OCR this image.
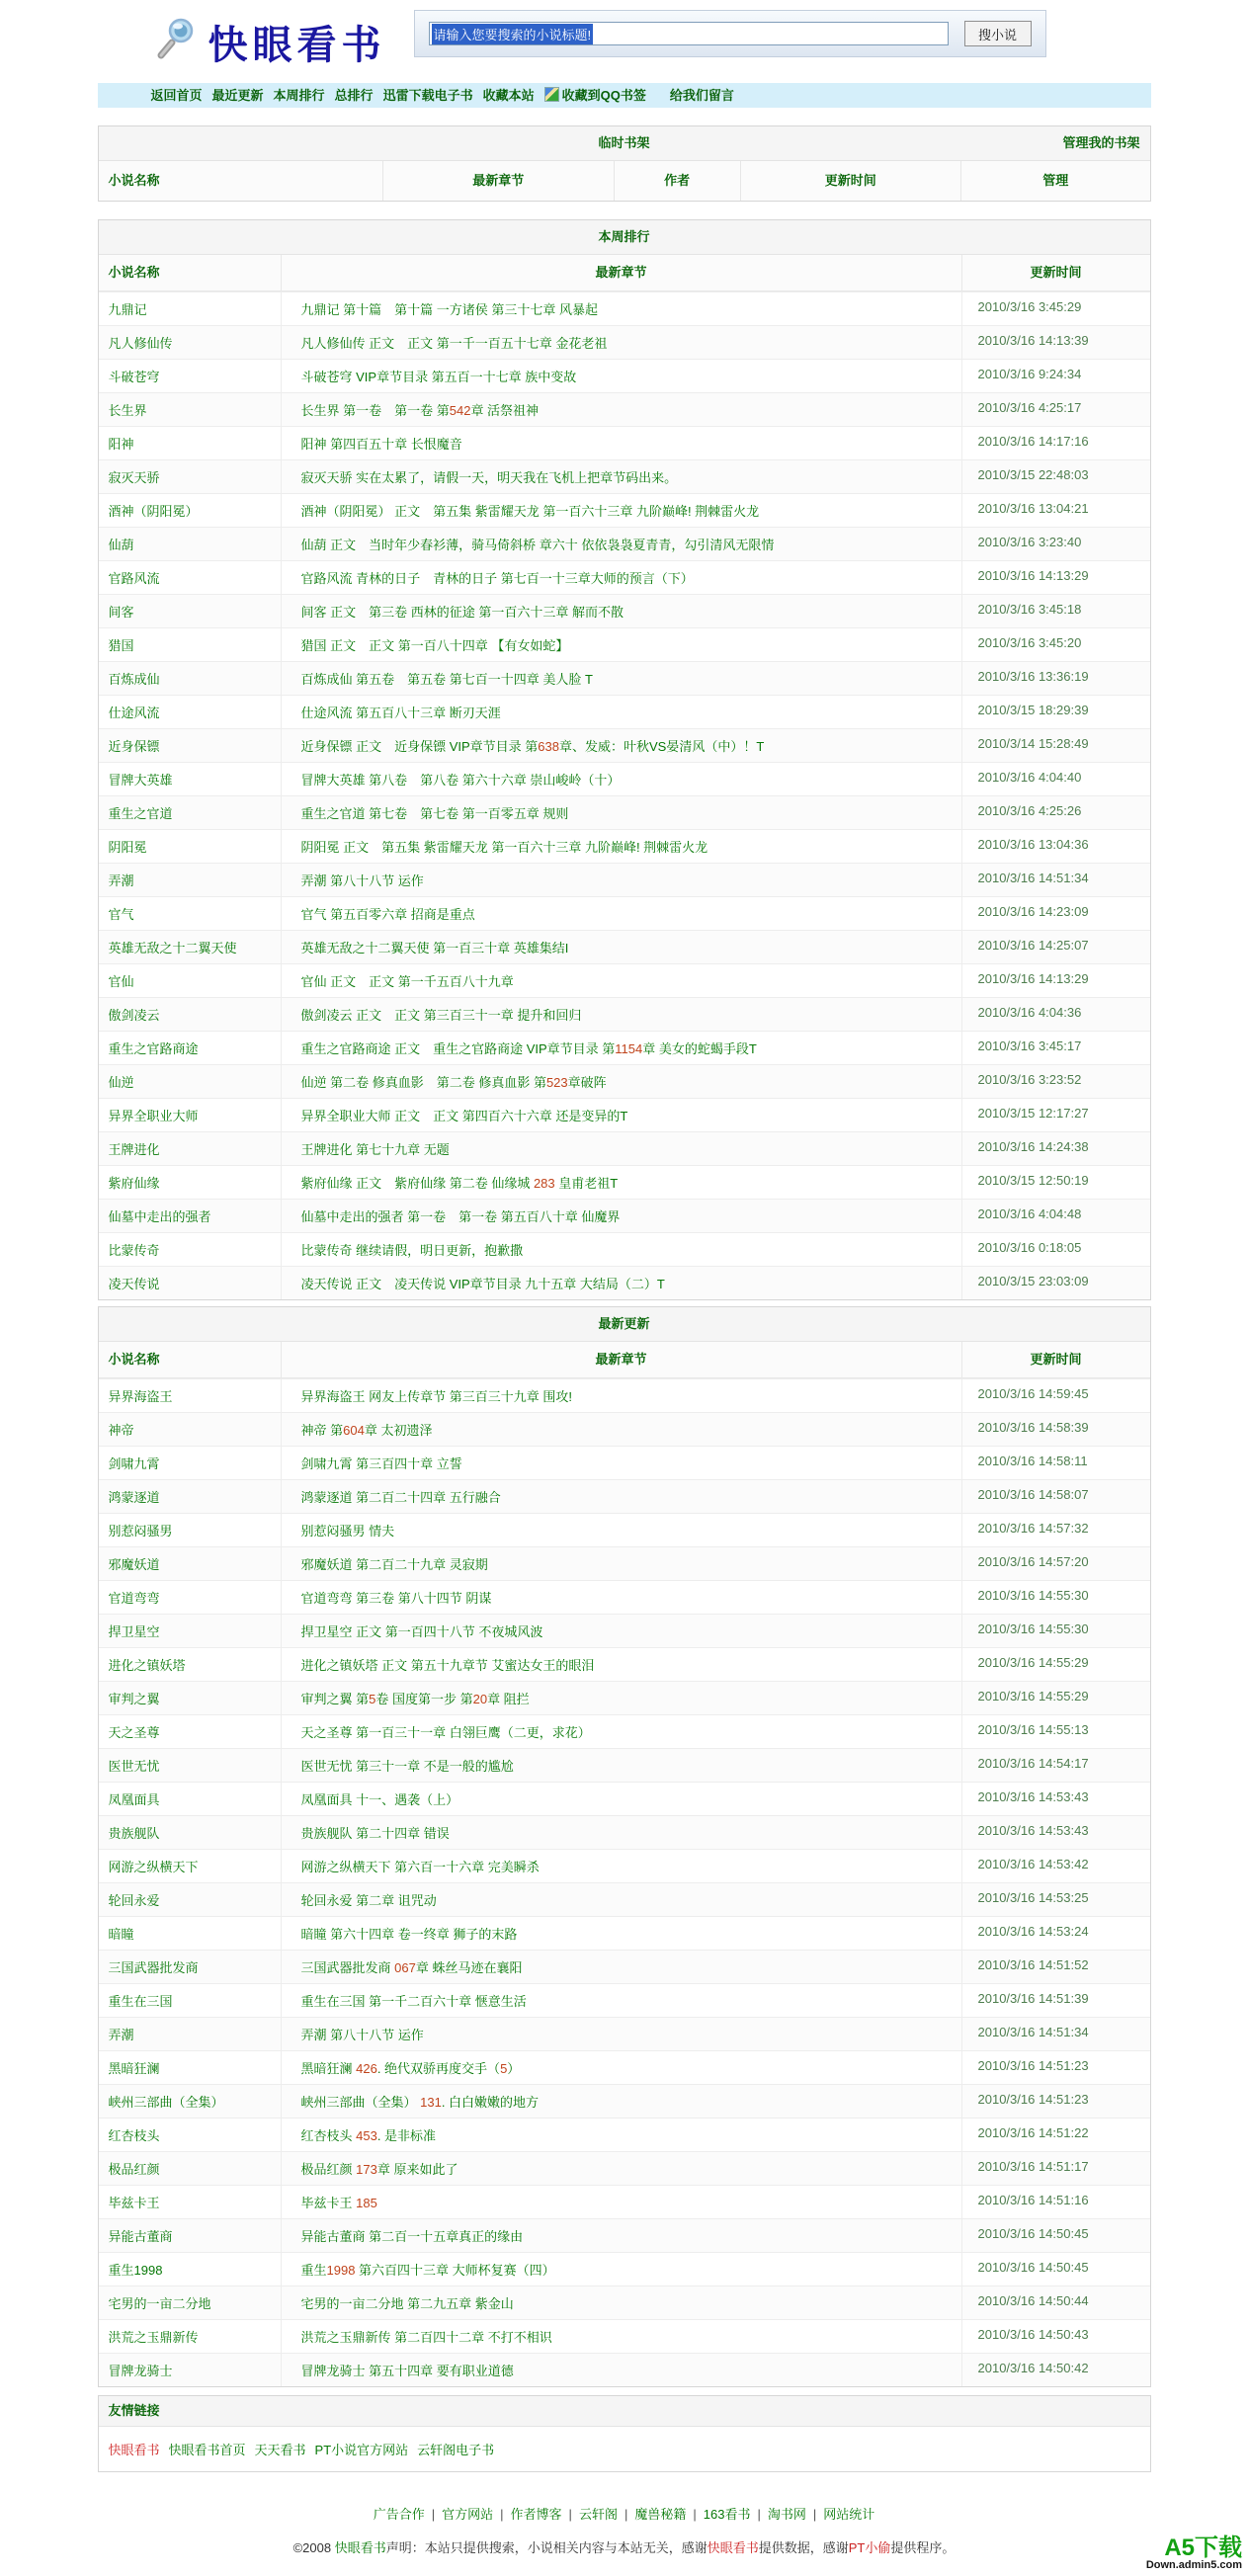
快眼看书	请输入您要搜索的小说标题!	搜小说
返回首页 最近更新 本周排行 总排行 迅雷下载电子书 收藏本站 收藏到QQ书签 给我们留言
临时书架	管理我的书架
小说名称	最新章节	作者	更新时间	管理
本周排行
小说名称	最新章节	更新时间
九鼎记	九鼎记 第十篇　第十篇 一方诸侯 第三十七章 风暴起	2010/3/16 3:45:29
凡人修仙传	凡人修仙传 正文　正文 第一千一百五十七章 金花老祖	2010/3/16 14:13:39
斗破苍穹	斗破苍穹 VIP章节目录 第五百一十七章 族中变故	2010/3/16 9:24:34
长生界	长生界 第一卷　第一卷 第542章 活祭祖神	2010/3/16 4:25:17
阳神	阳神 第四百五十章 长恨魔音	2010/3/16 14:17:16
寂灭天骄	寂灭天骄 实在太累了，请假一天，明天我在飞机上把章节码出来。	2010/3/15 22:48:03
酒神（阴阳冕）	酒神（阴阳冕） 正文　第五集 紫雷耀天龙 第一百六十三章 九阶巅峰! 荆棘雷火龙	2010/3/16 13:04:21
仙葫	仙葫 正文　当时年少春衫薄，骑马倚斜桥 章六十 依依袅袅夏青青，勾引清风无限情	2010/3/16 3:23:40
官路风流	官路风流 青林的日子　青林的日子 第七百一十三章大师的预言（下）	2010/3/16 14:13:29
间客	间客 正文　第三卷 西林的征途 第一百六十三章 解而不散	2010/3/16 3:45:18
猎国	猎国 正文　正文 第一百八十四章 【有女如蛇】	2010/3/16 3:45:20
百炼成仙	百炼成仙 第五卷　第五卷 第七百一十四章 美人脸 T	2010/3/16 13:36:19
仕途风流	仕途风流 第五百八十三章 断刃天涯	2010/3/15 18:29:39
近身保镖	近身保镖 正文　近身保镖 VIP章节目录 第638章、发威：叶秋VS晏清风（中）！T	2010/3/14 15:28:49
冒牌大英雄	冒牌大英雄 第八卷　第八卷 第六十六章 崇山峻岭（十）	2010/3/16 4:04:40
重生之官道	重生之官道 第七卷　第七卷 第一百零五章 规则	2010/3/16 4:25:26
阴阳冕	阴阳冕 正文　第五集 紫雷耀天龙 第一百六十三章 九阶巅峰! 荆棘雷火龙	2010/3/16 13:04:36
弄潮	弄潮 第八十八节 运作	2010/3/16 14:51:34
官气	官气 第五百零六章 招商是重点	2010/3/16 14:23:09
英雄无敌之十二翼天使	英雄无敌之十二翼天使 第一百三十章 英雄集结I	2010/3/16 14:25:07
官仙	官仙 正文　正文 第一千五百八十九章	2010/3/16 14:13:29
傲剑凌云	傲剑凌云 正文　正文 第三百三十一章 提升和回归	2010/3/16 4:04:36
重生之官路商途	重生之官路商途 正文　重生之官路商途 VIP章节目录 第1154章 美女的蛇蝎手段T	2010/3/16 3:45:17
仙逆	仙逆 第二卷 修真血影　第二卷 修真血影 第523章破阵	2010/3/16 3:23:52
异界全职业大师	异界全职业大师 正文　正文 第四百六十六章 还是变异的T	2010/3/15 12:17:27
王牌进化	王牌进化 第七十九章 无题	2010/3/16 14:24:38
紫府仙缘	紫府仙缘 正文　紫府仙缘 第二卷 仙缘城 283 皇甫老祖T	2010/3/15 12:50:19
仙墓中走出的强者	仙墓中走出的强者 第一卷　第一卷 第五百八十章 仙魔界	2010/3/16 4:04:48
比蒙传奇	比蒙传奇 继续请假，明日更新，抱歉撒	2010/3/16 0:18:05
凌天传说	凌天传说 正文　凌天传说 VIP章节目录 九十五章 大结局（二）T	2010/3/15 23:03:09
最新更新
小说名称	最新章节	更新时间
异界海盗王	异界海盗王 网友上传章节 第三百三十九章 围攻!	2010/3/16 14:59:45
神帝	神帝 第604章 太初遗泽	2010/3/16 14:58:39
剑啸九霄	剑啸九霄 第三百四十章 立誓	2010/3/16 14:58:11
鸿蒙逐道	鸿蒙逐道 第二百二十四章 五行融合	2010/3/16 14:58:07
别惹闷骚男	别惹闷骚男 情夫	2010/3/16 14:57:32
邪魔妖道	邪魔妖道 第二百二十九章 灵寂期	2010/3/16 14:57:20
官道弯弯	官道弯弯 第三卷 第八十四节 阴谋	2010/3/16 14:55:30
捍卫星空	捍卫星空 正文 第一百四十八节 不夜城风波	2010/3/16 14:55:30
进化之镇妖塔	进化之镇妖塔 正文 第五十九章节 艾蜜达女王的眼泪	2010/3/16 14:55:29
审判之翼	审判之翼 第5卷 国度第一步 第20章 阻拦	2010/3/16 14:55:29
天之圣尊	天之圣尊 第一百三十一章 白翎巨鹰（二更，求花）	2010/3/16 14:55:13
医世无忧	医世无忧 第三十一章 不是一般的尴尬	2010/3/16 14:54:17
凤凰面具	凤凰面具 十一、遇袭（上）	2010/3/16 14:53:43
贵族舰队	贵族舰队 第二十四章 错误	2010/3/16 14:53:43
网游之纵横天下	网游之纵横天下 第六百一十六章 完美瞬杀	2010/3/16 14:53:42
轮回永爱	轮回永爱 第二章 诅咒动	2010/3/16 14:53:25
暗瞳	暗瞳 第六十四章 卷一终章 狮子的末路	2010/3/16 14:53:24
三国武器批发商	三国武器批发商 067章 蛛丝马迹在襄阳	2010/3/16 14:51:52
重生在三国	重生在三国 第一千二百六十章 惬意生活	2010/3/16 14:51:39
弄潮	弄潮 第八十八节 运作	2010/3/16 14:51:34
黑暗狂澜	黑暗狂澜 426. 绝代双骄再度交手（5）	2010/3/16 14:51:23
峡州三部曲（全集）	峡州三部曲（全集） 131. 白白嫩嫩的地方	2010/3/16 14:51:23
红杏枝头	红杏枝头 453. 是非标准	2010/3/16 14:51:22
极品红颜	极品红颜 173章 原来如此了	2010/3/16 14:51:17
毕兹卡王	毕兹卡王 185	2010/3/16 14:51:16
异能古董商	异能古董商 第二百一十五章真正的缘由	2010/3/16 14:50:45
重生1998	重生1998 第六百四十三章 大师杯复赛（四）	2010/3/16 14:50:45
宅男的一亩二分地	宅男的一亩二分地 第二九五章 紫金山	2010/3/16 14:50:44
洪荒之玉鼎新传	洪荒之玉鼎新传 第二百四十二章 不打不相识	2010/3/16 14:50:43
冒牌龙骑士	冒牌龙骑士 第五十四章 要有职业道德	2010/3/16 14:50:42
友情链接
快眼看书 快眼看书首页 天天看书 PT小说官方网站 云轩阁电子书
广告合作 | 官方网站 | 作者博客 | 云轩阁 | 魔兽秘籍 | 163看书 | 淘书网 | 网站统计
©2008 快眼看书声明：本站只提供搜索，小说相关内容与本站无关，感谢快眼看书提供数据，感谢PT小偷提供程序。	A5下载
Down.admin5.com
